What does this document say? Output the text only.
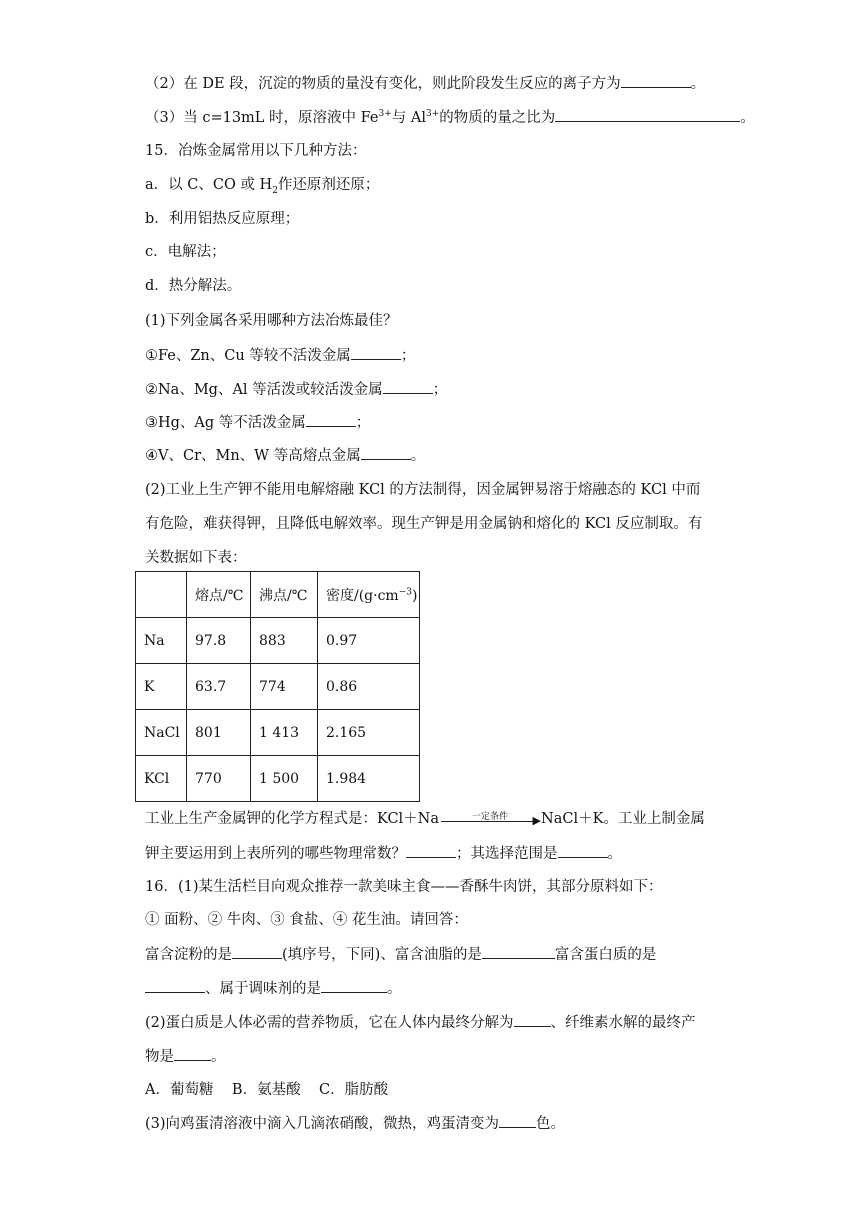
（2）在 DE 段，沉淀的物质的量没有变化，则此阶段发生反应的离子方为	。
（3）当 c=13mL 时，原溶液中 $Fe^{3+}$与 $Al^{3+}$的物质的量之比为	。
15．冶炼金属常用以下几种方法：
a．以 C、CO 或 $H_2$作还原剂还原；
b．利用铝热反应原理；
c．电解法；
d．热分解法。
(1)下列金属各采用哪种方法冶炼最佳？
①Fe、Zn、Cu 等较不活泼金属	；
②Na、Mg、Al 等活泼或较活泼金属	；
③Hg、Ag 等不活泼金属	；
④V、Cr、Mn、W 等高熔点金属	。
(2)工业上生产钾不能用电解熔融 KCl 的方法制得，因金属钾易溶于熔融态的 KCl 中而
有危险，难获得钾，且降低电解效率。现生产钾是用金属钠和熔化的 KCl 反应制取。有
关数据如下表：
	熔点/℃	沸点/℃	密度$/(g\cdot cm^{-3})$
Na	97.8	883	0.97
K	63.7	774	0.86
NaCl	801	1 413	2.165
KCl	770	1 500	1.984
工业上生产金属钾的化学方程式是：KCl＋Na	一定条件	▶ NaCl＋K。工业上制金属
钾主要运用到上表所列的哪些物理常数？	；其选择范围是	。
16．(1)某生活栏目向观众推荐一款美味主食——香酥牛肉饼，其部分原料如下：
① 面粉、② 牛肉、③ 食盐、④ 花生油。请回答：
富含淀粉的是	(填序号，下同)、富含油脂的是	富含蛋白质的是
、属于调味剂的是	。
(2)蛋白质是人体必需的营养物质，它在人体内最终分解为	、纤维素水解的最终产
物是	。
A．葡萄糖    B．氨基酸    C．脂肪酸
(3)向鸡蛋清溶液中滴入几滴浓硝酸，微热，鸡蛋清变为	色。
